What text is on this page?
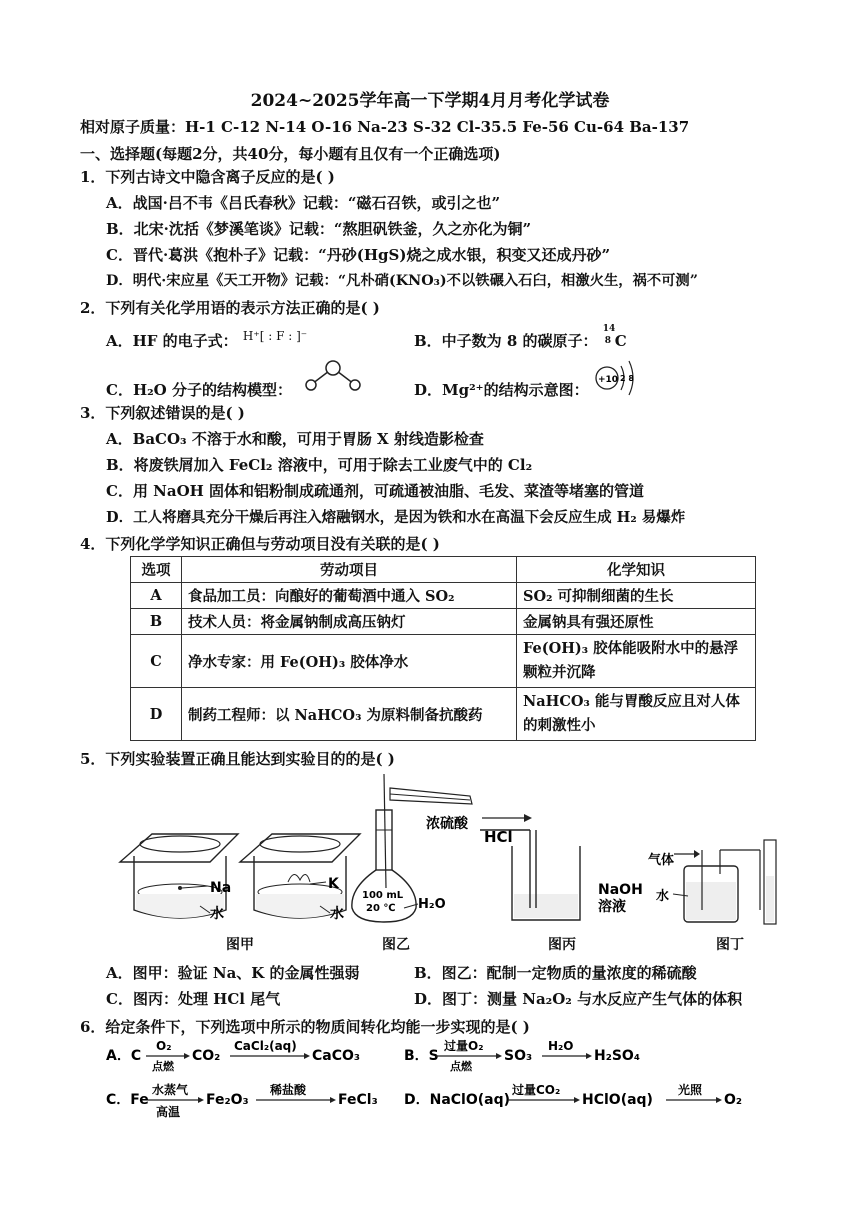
2024~2025学年高一下学期4月月考化学试卷
相对原子质量：H-1 C-12 N-14 O-16 Na-23 S-32 Cl-35.5 Fe-56 Cu-64 Ba-137
一、选择题(每题2分，共40分，每小题有且仅有一个正确选项)
1．下列古诗文中隐含离子反应的是( )
A．战国·吕不韦《吕氏春秋》记载：“磁石召铁，或引之也”
B．北宋·沈括《梦溪笔谈》记载：“熬胆矾铁釜，久之亦化为铜”
C．晋代·葛洪《抱朴子》记载：“丹砂(HgS)烧之成水银，积变又还成丹砂”
D．明代·宋应星《天工开物》记载：“凡朴硝(KNO₃)不以铁碾入石臼，相激火生，祸不可测”
2．下列有关化学用语的表示方法正确的是( )
A．HF 的电子式： $^{H^+[ : F : ]^-}$	B．中子数为 8 的碳原子：
14
8 C
C．H₂O 分子的结构模型：	D．Mg²⁺的结构示意图：
+10 2 8
3．下列叙述错误的是( )
A．BaCO₃ 不溶于水和酸，可用于胃肠 X 射线造影检查
B．将废铁屑加入 FeCl₂ 溶液中，可用于除去工业废气中的 Cl₂
C．用 NaOH 固体和铝粉制成疏通剂，可疏通被油脂、毛发、菜渣等堵塞的管道
D．工人将磨具充分干燥后再注入熔融钢水，是因为铁和水在高温下会反应生成 H₂ 易爆炸
4．下列化学学知识正确但与劳动项目没有关联的是( )
选项	劳动项目	化学知识
A	食品加工员：向酿好的葡萄酒中通入 SO₂	SO₂ 可抑制细菌的生长
B	技术人员：将金属钠制成高压钠灯	金属钠具有强还原性
C	净水专家：用 Fe(OH)₃ 胶体净水	Fe(OH)₃ 胶体能吸附水中的悬浮颗粒并沉降
D	制药工程师：以 NaHCO₃ 为原料制备抗酸药	NaHCO₃ 能与胃酸反应且对人体的刺激性小
5．下列实验装置正确且能达到实验目的的是( )
Na
水
K
水
100 mL
20 ℃ H₂O
浓硫酸
HCl
NaOH
溶液
气体
水
图甲	图乙	图丙	图丁
A．图甲：验证 Na、K 的金属性强弱	B．图乙：配制一定物质的量浓度的稀硫酸
C．图丙：处理 HCl 尾气	D．图丁：测量 Na₂O₂ 与水反应产生气体的体积
6．给定条件下，下列选项中所示的物质间转化均能一步实现的是( )
A．C
O₂
点燃
CO₂
CaCl₂(aq)
CaCO₃	B．S
过量O₂
点燃
SO₃
H₂O
H₂SO₄
C．Fe
水蒸气
高温
Fe₂O₃
稀盐酸
FeCl₃ D．NaClO(aq)
过量CO₂
HClO(aq)
光照
O₂
